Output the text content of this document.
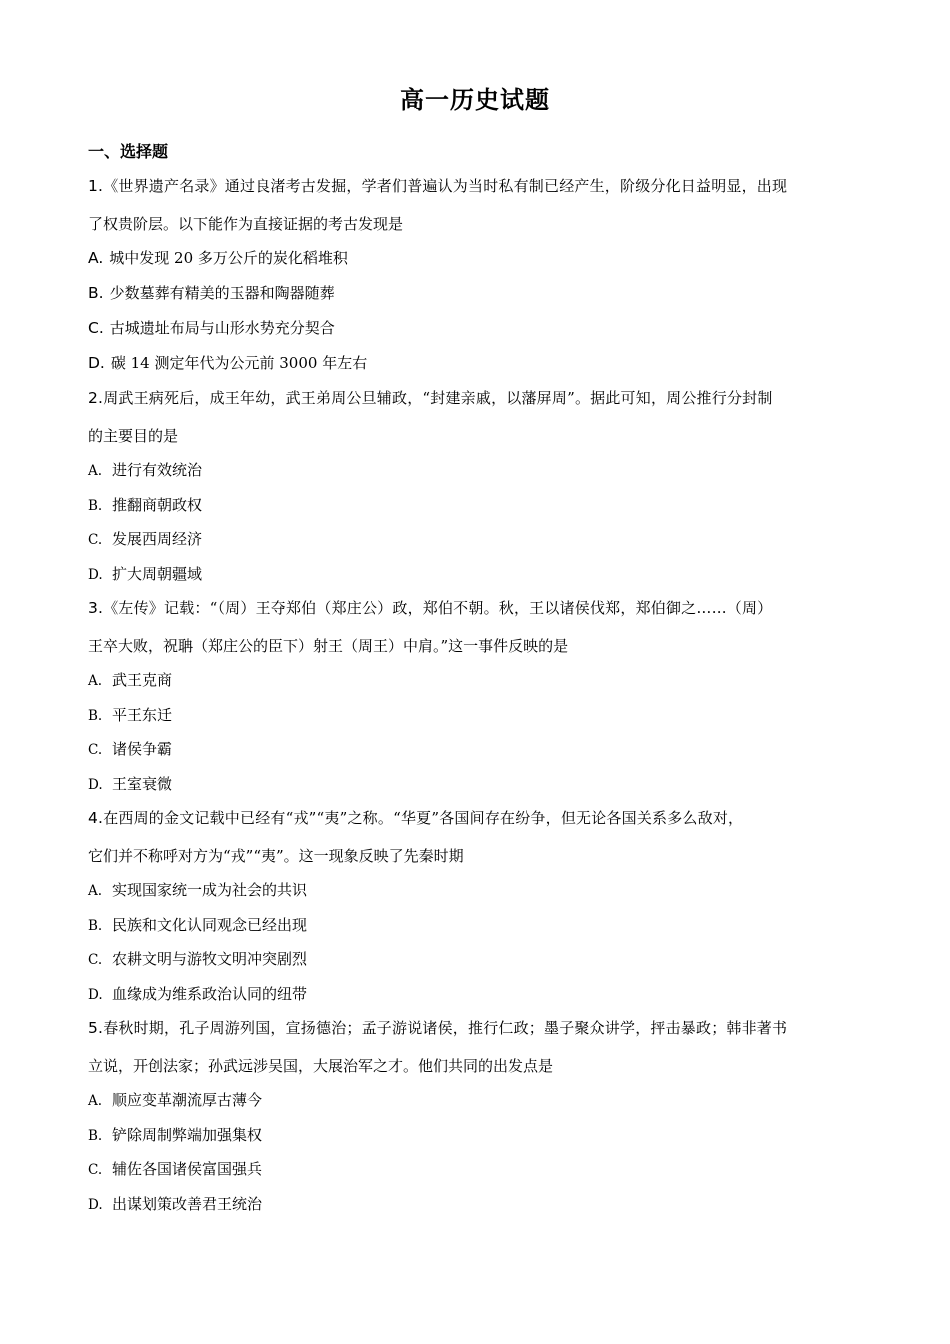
高一历史试题
一、选择题
1.《世界遗产名录》通过良渚考古发掘，学者们普遍认为当时私有制已经产生，阶级分化日益明显，出现
了权贵阶层。以下能作为直接证据的考古发现是
A. 城中发现 20 多万公斤的炭化稻堆积
B. 少数墓葬有精美的玉器和陶器随葬
C. 古城遗址布局与山形水势充分契合
D. 碳 14 测定年代为公元前 3000 年左右
2.周武王病死后，成王年幼，武王弟周公旦辅政，“封建亲戚，以藩屏周”。据此可知，周公推行分封制
的主要目的是
A. 进行有效统治
B. 推翻商朝政权
C. 发展西周经济
D. 扩大周朝疆域
3.《左传》记载：“（周）王夺郑伯（郑庄公）政，郑伯不朝。秋，王以诸侯伐郑，郑伯御之……（周）
王卒大败，祝聃（郑庄公的臣下）射王（周王）中肩。”这一事件反映的是
A. 武王克商
B. 平王东迁
C. 诸侯争霸
D. 王室衰微
4.在西周的金文记载中已经有“戎”“夷”之称。“华夏”各国间存在纷争，但无论各国关系多么敌对，
它们并不称呼对方为“戎”“夷”。这一现象反映了先秦时期
A. 实现国家统一成为社会的共识
B. 民族和文化认同观念已经出现
C. 农耕文明与游牧文明冲突剧烈
D. 血缘成为维系政治认同的纽带
5.春秋时期，孔子周游列国，宣扬德治；孟子游说诸侯，推行仁政；墨子聚众讲学，抨击暴政；韩非著书
立说，开创法家；孙武远涉吴国，大展治军之才。他们共同的出发点是
A. 顺应变革潮流厚古薄今
B. 铲除周制弊端加强集权
C. 辅佐各国诸侯富国强兵
D. 出谋划策改善君王统治
